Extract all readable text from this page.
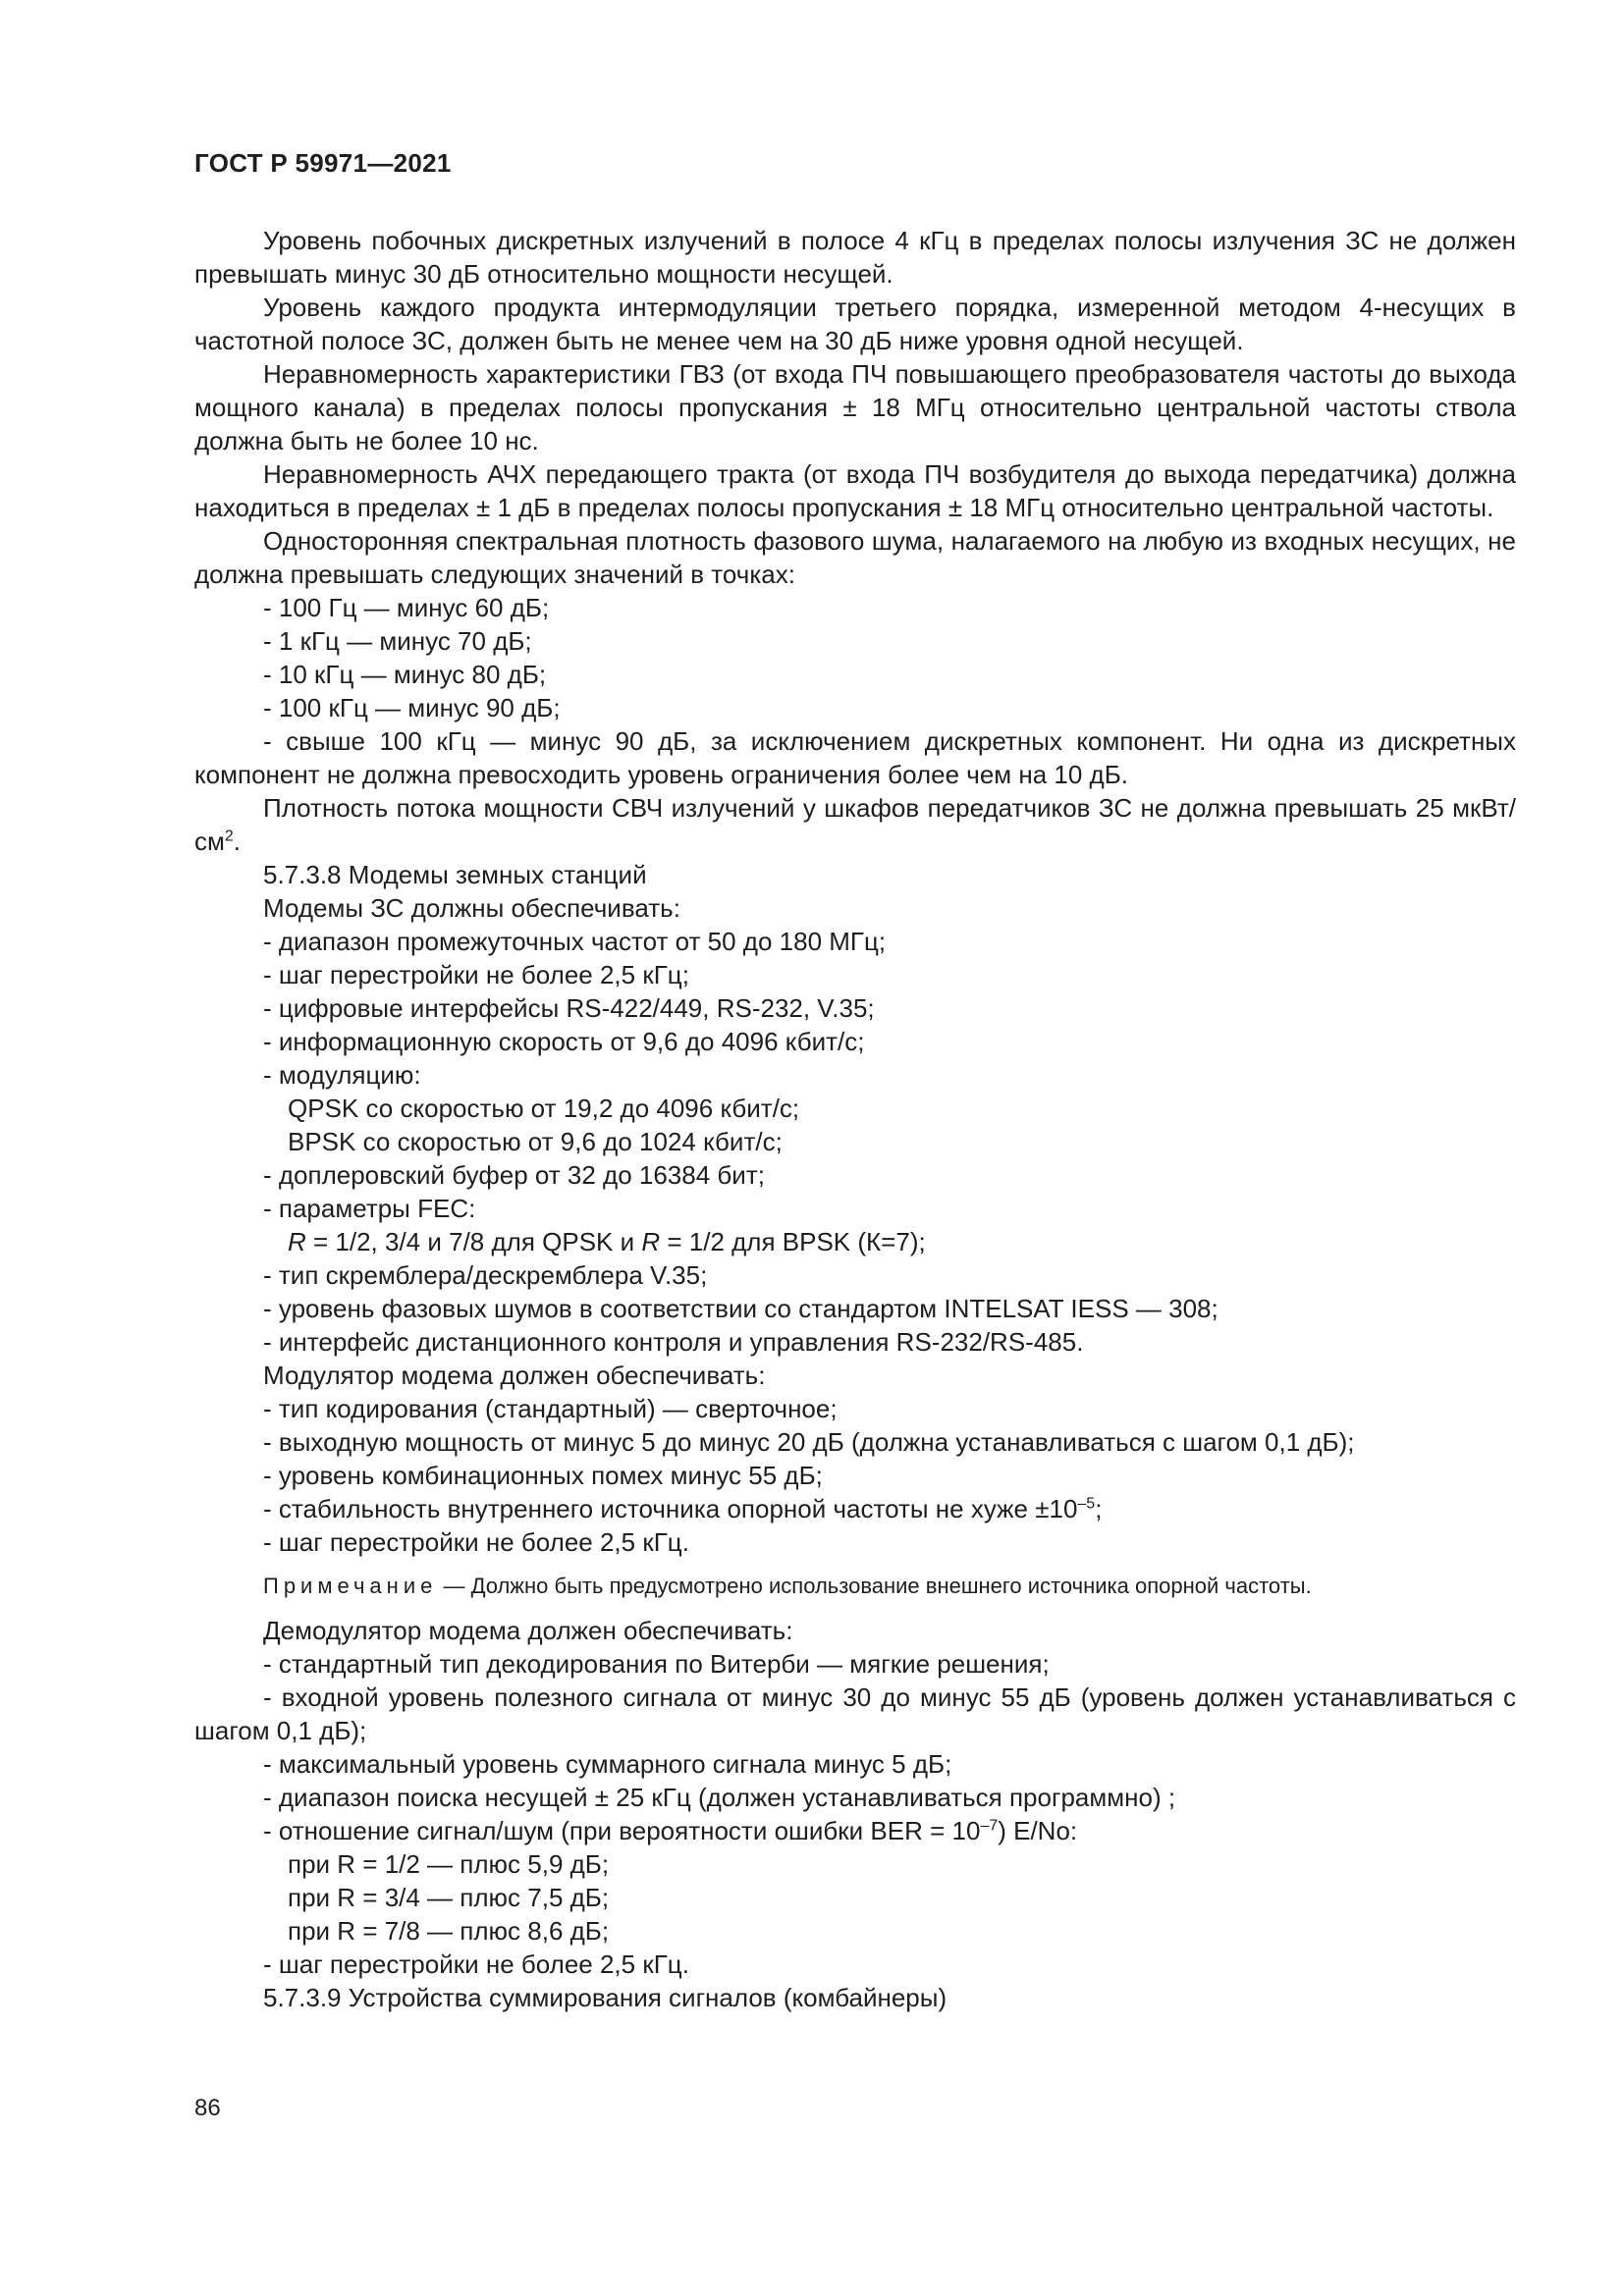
ГОСТ Р 59971—2021

Уровень побочных дискретных излучений в полосе 4 кГц в пределах полосы излучения ЗС не должен превышать минус 30 дБ относительно мощности несущей.

Уровень каждого продукта интермодуляции третьего порядка, измеренной методом 4-несущих в частотной полосе ЗС, должен быть не менее чем на 30 дБ ниже уровня одной несущей.

Неравномерность характеристики ГВЗ (от входа ПЧ повышающего преобразователя частоты до выхода мощного канала) в пределах полосы пропускания ± 18 МГц относительно центральной частоты ствола должна быть не более 10 нс.

Неравномерность АЧХ передающего тракта (от входа ПЧ возбудителя до выхода передатчика) должна находиться в пределах ± 1 дБ в пределах полосы пропускания ± 18 МГц относительно центральной частоты.

Односторонняя спектральная плотность фазового шума, налагаемого на любую из входных несущих, не должна превышать следующих значений в точках:

- 100 Гц — минус 60 дБ;

- 1 кГц — минус 70 дБ;

- 10 кГц — минус 80 дБ;

- 100 кГц — минус 90 дБ;

- свыше 100 кГц — минус 90 дБ, за исключением дискретных компонент. Ни одна из дискретных компонент не должна превосходить уровень ограничения более чем на 10 дБ.

Плотность потока мощности СВЧ излучений у шкафов передатчиков ЗС не должна превышать 25 мкВт/$см^2$.

5.7.3.8 Модемы земных станций

Модемы ЗС должны обеспечивать:

- диапазон промежуточных частот от 50 до 180 МГц;

- шаг перестройки не более 2,5 кГц;

- цифровые интерфейсы RS-422/449, RS-232, V.35;

- информационную скорость от 9,6 до 4096 кбит/с;

- модуляцию:

QPSK со скоростью от 19,2 до 4096 кбит/с;

BPSK со скоростью от 9,6 до 1024 кбит/с;

- доплеровский буфер от 32 до 16384 бит;

- параметры FEC:

R = 1/2, 3/4 и 7/8 для QPSK и R = 1/2 для BPSK (К=7);

- тип скремблера/дескремблера V.35;

- уровень фазовых шумов в соответствии со стандартом INTELSAT IESS — 308;

- интерфейс дистанционного контроля и управления RS-232/RS-485.

Модулятор модема должен обеспечивать:

- тип кодирования (стандартный) — сверточное;

- выходную мощность от минус 5 до минус 20 дБ (должна устанавливаться с шагом 0,1 дБ);

- уровень комбинационных помех минус 55 дБ;

- стабильность внутреннего источника опорной частоты не хуже $\pm 10^{-5}$;

- шаг перестройки не более 2,5 кГц.

Примечание — Должно быть предусмотрено использование внешнего источника опорной частоты.

Демодулятор модема должен обеспечивать:

- стандартный тип декодирования по Витерби — мягкие решения;

- входной уровень полезного сигнала от минус 30 до минус 55 дБ (уровень должен устанавливаться с шагом 0,1 дБ);

- максимальный уровень суммарного сигнала минус 5 дБ;

- диапазон поиска несущей ± 25 кГц (должен устанавливаться программно) ;

- отношение сигнал/шум (при вероятности ошибки BER = $10^{-7}$) E/No:

при R = 1/2 — плюс 5,9 дБ;

при R = 3/4 — плюс 7,5 дБ;

при R = 7/8 — плюс 8,6 дБ;

- шаг перестройки не более 2,5 кГц.

5.7.3.9 Устройства суммирования сигналов (комбайнеры)

86
